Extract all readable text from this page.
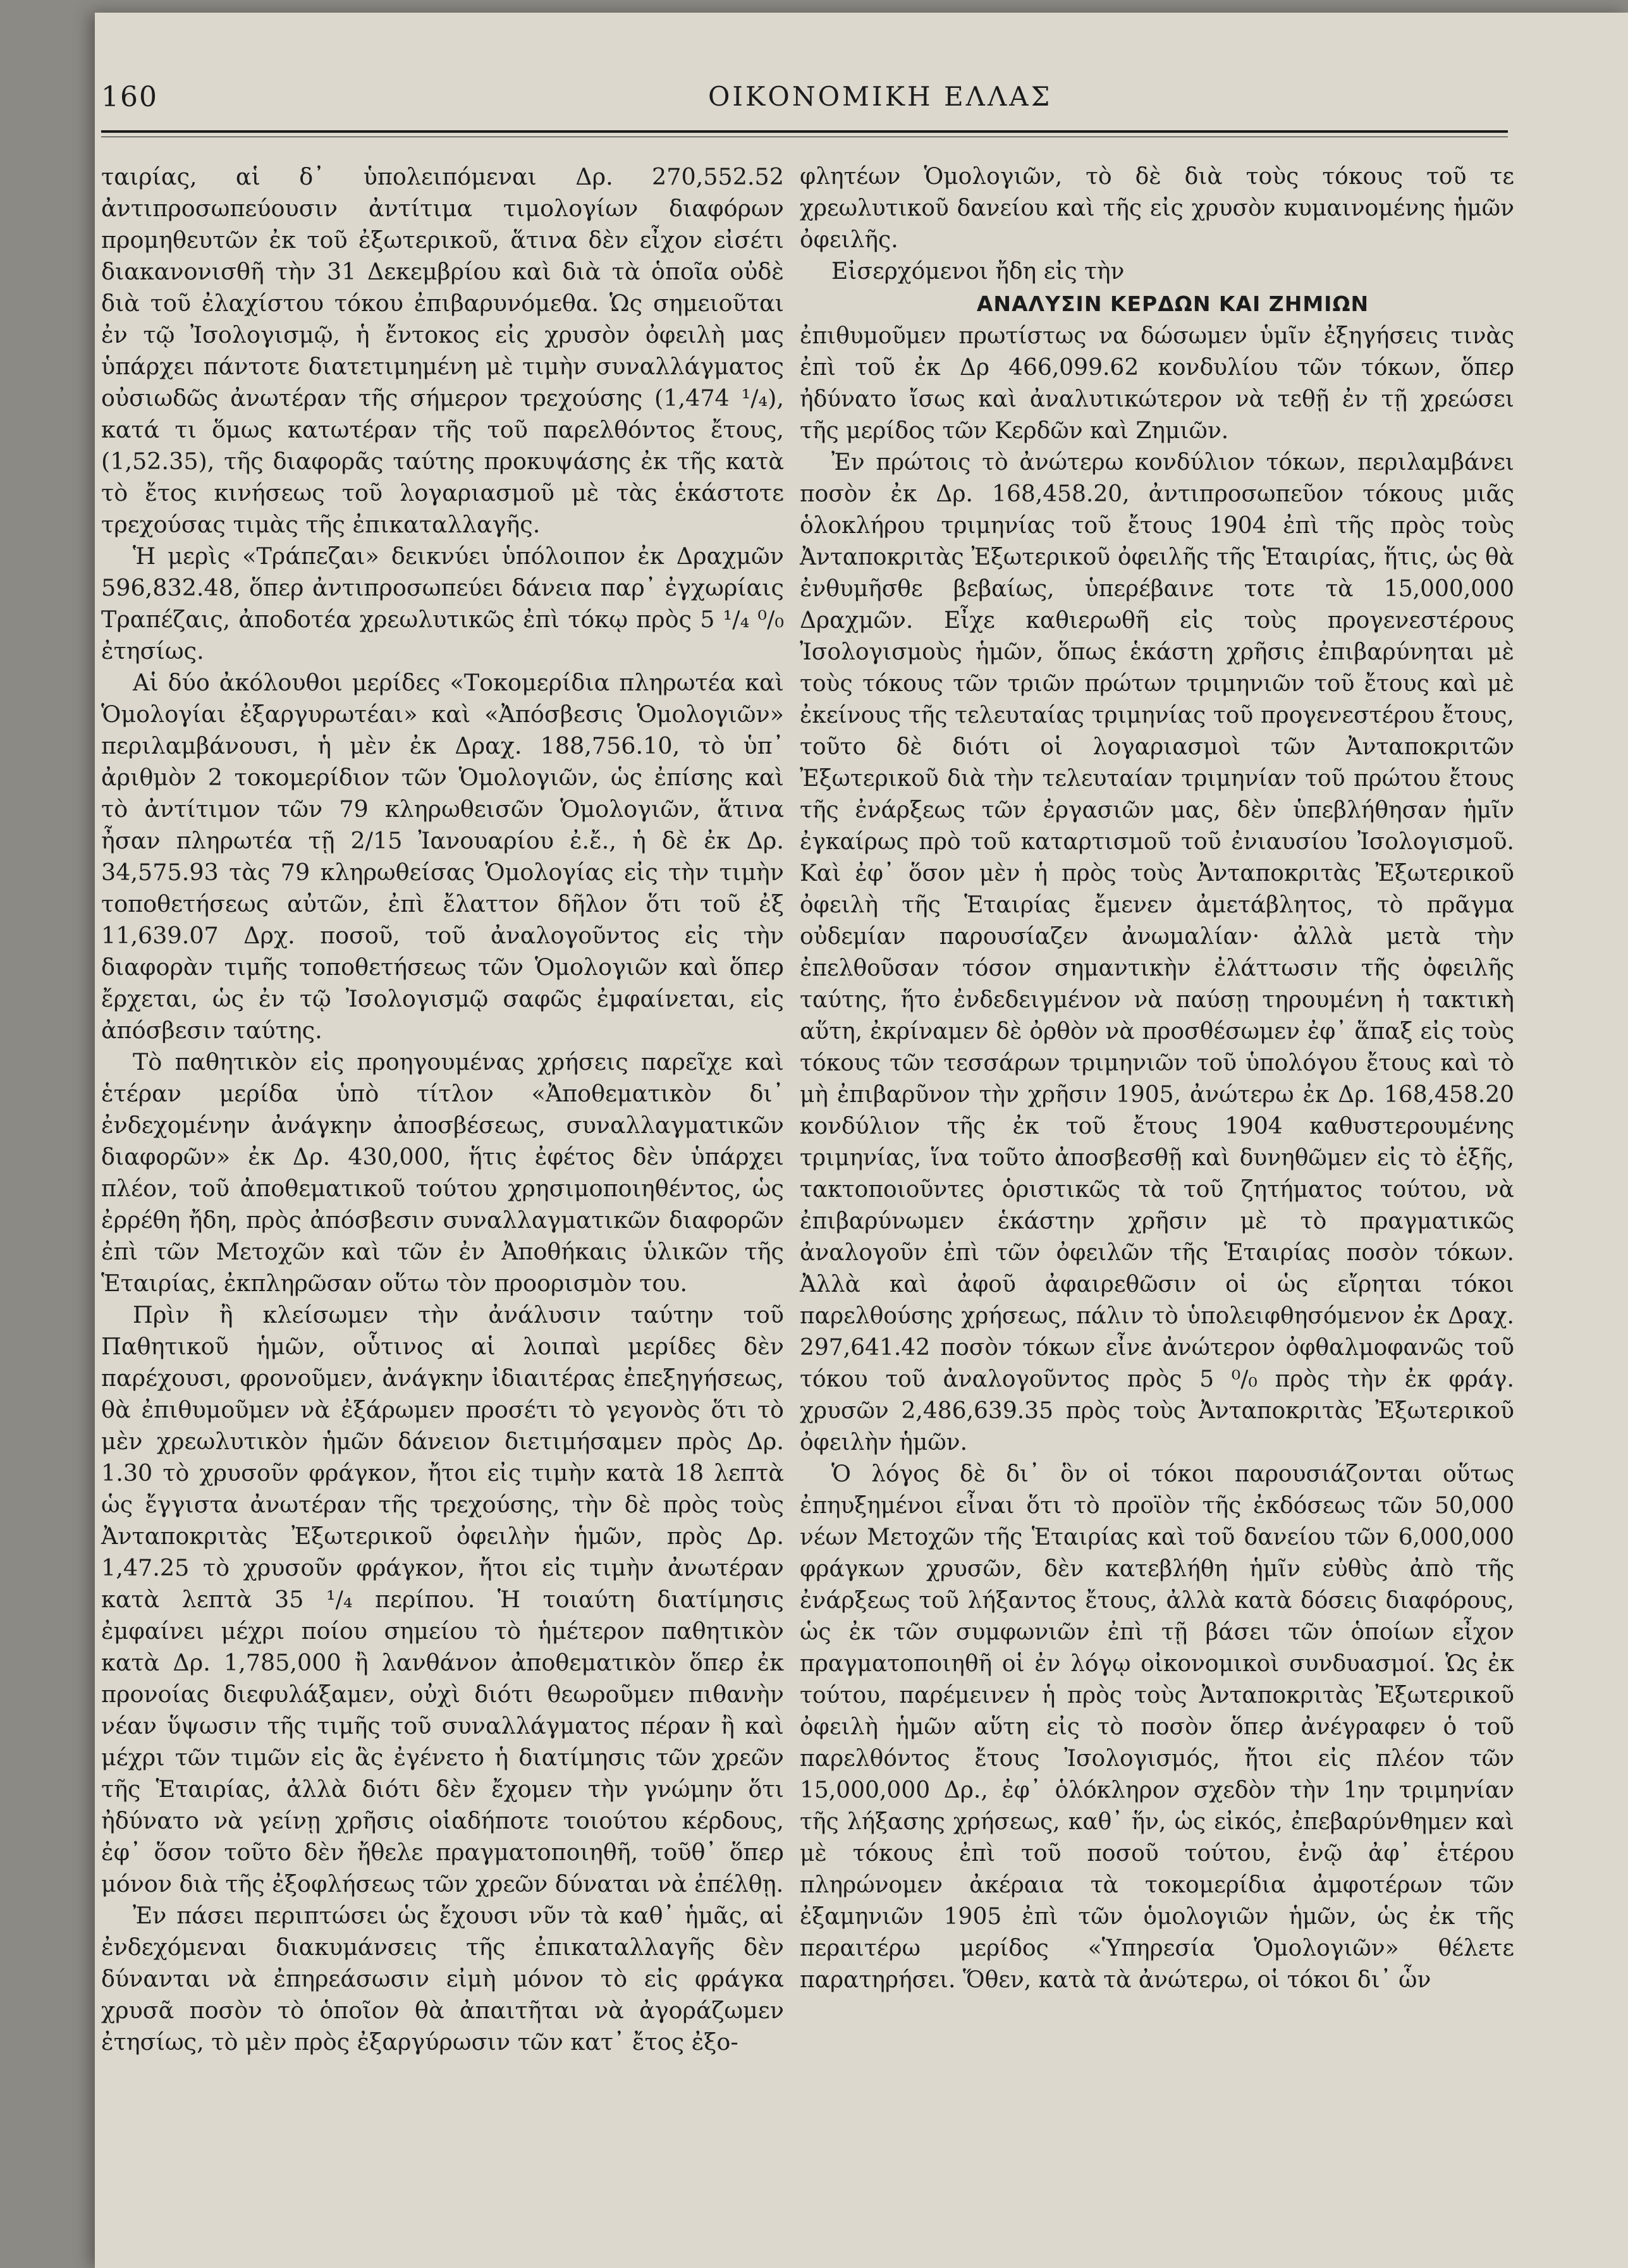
160	ΟΙΚΟΝΟΜΙΚΗ ΕΛΛΑΣ

ταιρίας, αἱ δ᾽ ὑπολειπόμεναι Δρ. 270,552.52 ἀντιπροσωπεύουσιν ἀντίτιμα τιμολογίων διαφόρων προμηθευτῶν ἐκ τοῦ ἐξωτερικοῦ, ἅτινα δὲν εἶχον εἰσέτι διακανονισθῆ τὴν 31 Δεκεμβρίου καὶ διὰ τὰ ὁποῖα οὐδὲ διὰ τοῦ ἐλαχίστου τόκου ἐπιβαρυνόμεθα. Ὡς σημειοῦται ἐν τῷ Ἰσολογισμῷ, ἡ ἔντοκος εἰς χρυσὸν ὀφειλὴ μας ὑπάρχει πάντοτε διατετιμημένη μὲ τιμὴν συναλλάγματος οὐσιωδῶς ἀνωτέραν τῆς σήμερον τρεχούσης (1,474 ¹/₄), κατά τι ὅμως κατωτέραν τῆς τοῦ παρελθόντος ἔτους, (1,52.35), τῆς διαφορᾶς ταύτης προκυψάσης ἐκ τῆς κατὰ τὸ ἔτος κινήσεως τοῦ λογαριασμοῦ μὲ τὰς ἑκάστοτε τρεχούσας τιμὰς τῆς ἐπικαταλλαγῆς.

Ἡ μερὶς «Τράπεζαι» δεικνύει ὑπόλοιπον ἐκ Δραχμῶν 596,832.48, ὅπερ ἀντιπροσωπεύει δάνεια παρ᾽ ἐγχωρίαις Τραπέζαις, ἀποδοτέα χρεωλυτικῶς ἐπὶ τόκῳ πρὸς 5 ¹/₄ ⁰/₀ ἐτησίως.

Αἱ δύο ἀκόλουθοι μερίδες «Τοκομερίδια πληρωτέα καὶ Ὁμολογίαι ἐξαργυρωτέαι» καὶ «Ἀπόσβεσις Ὁμολογιῶν» περιλαμβάνουσι, ἡ μὲν ἐκ Δραχ. 188,756.10, τὸ ὑπ᾽ ἀριθμὸν 2 τοκομερίδιον τῶν Ὁμολογιῶν, ὡς ἐπίσης καὶ τὸ ἀντίτιμον τῶν 79 κληρωθεισῶν Ὁμολογιῶν, ἅτινα ἦσαν πληρωτέα τῇ 2/15 Ἰανουαρίου ἐ.ἔ., ἡ δὲ ἐκ Δρ. 34,575.93 τὰς 79 κληρωθείσας Ὁμολογίας εἰς τὴν τιμὴν τοποθετήσεως αὐτῶν, ἐπὶ ἔλαττον δῆλον ὅτι τοῦ ἐξ 11,639.07 Δρχ. ποσοῦ, τοῦ ἀναλογοῦντος εἰς τὴν διαφορὰν τιμῆς τοποθετήσεως τῶν Ὁμολογιῶν καὶ ὅπερ ἔρχεται, ὡς ἐν τῷ Ἰσολογισμῷ σαφῶς ἐμφαίνεται, εἰς ἀπόσβεσιν ταύτης.

Τὸ παθητικὸν εἰς προηγουμένας χρήσεις παρεῖχε καὶ ἑτέραν μερίδα ὑπὸ τίτλον «Ἀποθεματικὸν δι᾽ ἐνδεχομένην ἀνάγκην ἀποσβέσεως, συναλλαγματικῶν διαφορῶν» ἐκ Δρ. 430,000, ἥτις ἐφέτος δὲν ὑπάρχει πλέον, τοῦ ἀποθεματικοῦ τούτου χρησιμοποιηθέντος, ὡς ἐρρέθη ἤδη, πρὸς ἀπόσβεσιν συναλλαγματικῶν διαφορῶν ἐπὶ τῶν Μετοχῶν καὶ τῶν ἐν Ἀποθήκαις ὑλικῶν τῆς Ἑταιρίας, ἐκπληρῶσαν οὕτω τὸν προορισμὸν του.

Πρὶν ἢ κλείσωμεν τὴν ἀνάλυσιν ταύτην τοῦ Παθητικοῦ ἡμῶν, οὗτινος αἱ λοιπαὶ μερίδες δὲν παρέχουσι, φρονοῦμεν, ἀνάγκην ἰδιαιτέρας ἐπεξηγήσεως, θὰ ἐπιθυμοῦμεν νὰ ἐξάρωμεν προσέτι τὸ γεγονὸς ὅτι τὸ μὲν χρεωλυτικὸν ἡμῶν δάνειον διετιμήσαμεν πρὸς Δρ. 1.30 τὸ χρυσοῦν φράγκον, ἤτοι εἰς τιμὴν κατὰ 18 λεπτὰ ὡς ἔγγιστα ἀνωτέραν τῆς τρεχούσης, τὴν δὲ πρὸς τοὺς Ἀνταποκριτὰς Ἐξωτερικοῦ ὀφειλὴν ἡμῶν, πρὸς Δρ. 1,47.25 τὸ χρυσοῦν φράγκον, ἤτοι εἰς τιμὴν ἀνωτέραν κατὰ λεπτὰ 35 ¹/₄ περίπου. Ἡ τοιαύτη διατίμησις ἐμφαίνει μέχρι ποίου σημείου τὸ ἡμέτερον παθητικὸν κατὰ Δρ. 1,785,000 ἢ λανθάνον ἀποθεματικὸν ὅπερ ἐκ προνοίας διεφυλάξαμεν, οὐχὶ διότι θεωροῦμεν πιθανὴν νέαν ὕψωσιν τῆς τιμῆς τοῦ συναλλάγματος πέραν ἢ καὶ μέχρι τῶν τιμῶν εἰς ἃς ἐγένετο ἡ διατίμησις τῶν χρεῶν τῆς Ἑταιρίας, ἀλλὰ διότι δὲν ἔχομεν τὴν γνώμην ὅτι ἠδύνατο νὰ γείνῃ χρῆσις οἱαδήποτε τοιούτου κέρδους, ἐφ᾽ ὅσον τοῦτο δὲν ἤθελε πραγματοποιηθῆ, τοῦθ᾽ ὅπερ μόνον διὰ τῆς ἐξοφλήσεως τῶν χρεῶν δύναται νὰ ἐπέλθῃ.

Ἐν πάσει περιπτώσει ὡς ἔχουσι νῦν τὰ καθ᾽ ἡμᾶς, αἱ ἐνδεχόμεναι διακυμάνσεις τῆς ἐπικαταλλαγῆς δὲν δύνανται νὰ ἐπηρεάσωσιν εἰμὴ μόνον τὸ εἰς φράγκα χρυσᾶ ποσὸν τὸ ὁποῖον θὰ ἀπαιτῆται νὰ ἀγοράζωμεν ἐτησίως, τὸ μὲν πρὸς ἐξαργύρωσιν τῶν κατ᾽ ἔτος ἐξο-

φλητέων Ὁμολογιῶν, τὸ δὲ διὰ τοὺς τόκους τοῦ τε χρεωλυτικοῦ δανείου καὶ τῆς εἰς χρυσὸν κυμαινομένης ἡμῶν ὀφειλῆς.

Εἰσερχόμενοι ἤδη εἰς τὴν

ΑΝΑΛΥΣΙΝ ΚΕΡΔΩΝ ΚΑΙ ΖΗΜΙΩΝ

ἐπιθυμοῦμεν πρωτίστως να δώσωμεν ὑμῖν ἐξηγήσεις τινὰς ἐπὶ τοῦ ἐκ Δρ 466,099.62 κονδυλίου τῶν τόκων, ὅπερ ἠδύνατο ἴσως καὶ ἀναλυτικώτερον νὰ τεθῇ ἐν τῇ χρεώσει τῆς μερίδος τῶν Κερδῶν καὶ Ζημιῶν.

Ἐν πρώτοις τὸ ἀνώτερω κονδύλιον τόκων, περιλαμβάνει ποσὸν ἐκ Δρ. 168,458.20, ἀντιπροσωπεῦον τόκους μιᾶς ὁλοκλήρου τριμηνίας τοῦ ἔτους 1904 ἐπὶ τῆς πρὸς τοὺς Ἀνταποκριτὰς Ἐξωτερικοῦ ὀφειλῆς τῆς Ἑταιρίας, ἥτις, ὡς θὰ ἐνθυμῆσθε βεβαίως, ὑπερέβαινε τοτε τὰ 15,000,000 Δραχμῶν. Εἶχε καθιερωθῆ εἰς τοὺς προγενεστέρους Ἰσολογισμοὺς ἡμῶν, ὅπως ἑκάστη χρῆσις ἐπιβαρύνηται μὲ τοὺς τόκους τῶν τριῶν πρώτων τριμηνιῶν τοῦ ἔτους καὶ μὲ ἐκείνους τῆς τελευταίας τριμηνίας τοῦ προγενεστέρου ἔτους, τοῦτο δὲ διότι οἱ λογαριασμοὶ τῶν Ἀνταποκριτῶν Ἐξωτερικοῦ διὰ τὴν τελευταίαν τριμηνίαν τοῦ πρώτου ἔτους τῆς ἐνάρξεως τῶν ἐργασιῶν μας, δὲν ὑπεβλήθησαν ἡμῖν ἐγκαίρως πρὸ τοῦ καταρτισμοῦ τοῦ ἐνιαυσίου Ἰσολογισμοῦ. Καὶ ἐφ᾽ ὅσον μὲν ἡ πρὸς τοὺς Ἀνταποκριτὰς Ἐξωτερικοῦ ὀφειλὴ τῆς Ἑταιρίας ἔμενεν ἀμετάβλητος, τὸ πρᾶγμα οὐδεμίαν παρουσίαζεν ἀνωμαλίαν· ἀλλὰ μετὰ τὴν ἐπελθοῦσαν τόσον σημαντικὴν ἐλάττωσιν τῆς ὀφειλῆς ταύτης, ἥτο ἐνδεδειγμένον νὰ παύσῃ τηρουμένη ἡ τακτικὴ αὕτη, ἐκρίναμεν δὲ ὀρθὸν νὰ προσθέσωμεν ἐφ᾽ ἅπαξ εἰς τοὺς τόκους τῶν τεσσάρων τριμηνιῶν τοῦ ὑπολόγου ἔτους καὶ τὸ μὴ ἐπιβαρῦνον τὴν χρῆσιν 1905, ἀνώτερω ἐκ Δρ. 168,458.20 κονδύλιον τῆς ἐκ τοῦ ἔτους 1904 καθυστερουμένης τριμηνίας, ἵνα τοῦτο ἀποσβεσθῇ καὶ δυνηθῶμεν εἰς τὸ ἑξῆς, τακτοποιοῦντες ὁριστικῶς τὰ τοῦ ζητήματος τούτου, νὰ ἐπιβαρύνωμεν ἑκάστην χρῆσιν μὲ τὸ πραγματικῶς ἀναλογοῦν ἐπὶ τῶν ὀφειλῶν τῆς Ἑταιρίας ποσὸν τόκων. Ἀλλὰ καὶ ἀφοῦ ἀφαιρεθῶσιν οἱ ὡς εἴρηται τόκοι παρελθούσης χρήσεως, πάλιν τὸ ὑπολειφθησόμενον ἐκ Δραχ. 297,641.42 ποσὸν τόκων εἶνε ἀνώτερον ὀφθαλμοφανῶς τοῦ τόκου τοῦ ἀναλογοῦντος πρὸς 5 ⁰/₀ πρὸς τὴν ἐκ φράγ. χρυσῶν 2,486,639.35 πρὸς τοὺς Ἀνταποκριτὰς Ἐξωτερικοῦ ὀφειλὴν ἡμῶν.

Ὁ λόγος δὲ δι᾽ ὃν οἱ τόκοι παρουσιάζονται οὕτως ἐπηυξημένοι εἶναι ὅτι τὸ προϊὸν τῆς ἐκδόσεως τῶν 50,000 νέων Μετοχῶν τῆς Ἑταιρίας καὶ τοῦ δανείου τῶν 6,000,000 φράγκων χρυσῶν, δὲν κατεβλήθη ἡμῖν εὐθὺς ἀπὸ τῆς ἐνάρξεως τοῦ λήξαντος ἔτους, ἀλλὰ κατὰ δόσεις διαφόρους, ὡς ἐκ τῶν συμφωνιῶν ἐπὶ τῇ βάσει τῶν ὁποίων εἶχον πραγματοποιηθῆ οἱ ἐν λόγῳ οἰκονομικοὶ συνδυασμοί. Ὡς ἐκ τούτου, παρέμεινεν ἡ πρὸς τοὺς Ἀνταποκριτὰς Ἐξωτερικοῦ ὀφειλὴ ἡμῶν αὕτη εἰς τὸ ποσὸν ὅπερ ἀνέγραφεν ὁ τοῦ παρελθόντος ἔτους Ἰσολογισμός, ἤτοι εἰς πλέον τῶν 15,000,000 Δρ., ἐφ᾽ ὁλόκληρον σχεδὸν τὴν 1ην τριμηνίαν τῆς λήξασης χρήσεως, καθ᾽ ἥν, ὡς εἰκός, ἐπεβαρύνθημεν καὶ μὲ τόκους ἐπὶ τοῦ ποσοῦ τούτου, ἐνῷ ἀφ᾽ ἑτέρου πληρώνομεν ἀκέραια τὰ τοκομερίδια ἀμφοτέρων τῶν ἐξαμηνιῶν 1905 ἐπὶ τῶν ὁμολογιῶν ἡμῶν, ὡς ἐκ τῆς περαιτέρω μερίδος «Ὑπηρεσία Ὁμολογιῶν» θέλετε παρατηρήσει. Ὅθεν, κατὰ τὰ ἀνώτερω, οἱ τόκοι δι᾽ ὧν
